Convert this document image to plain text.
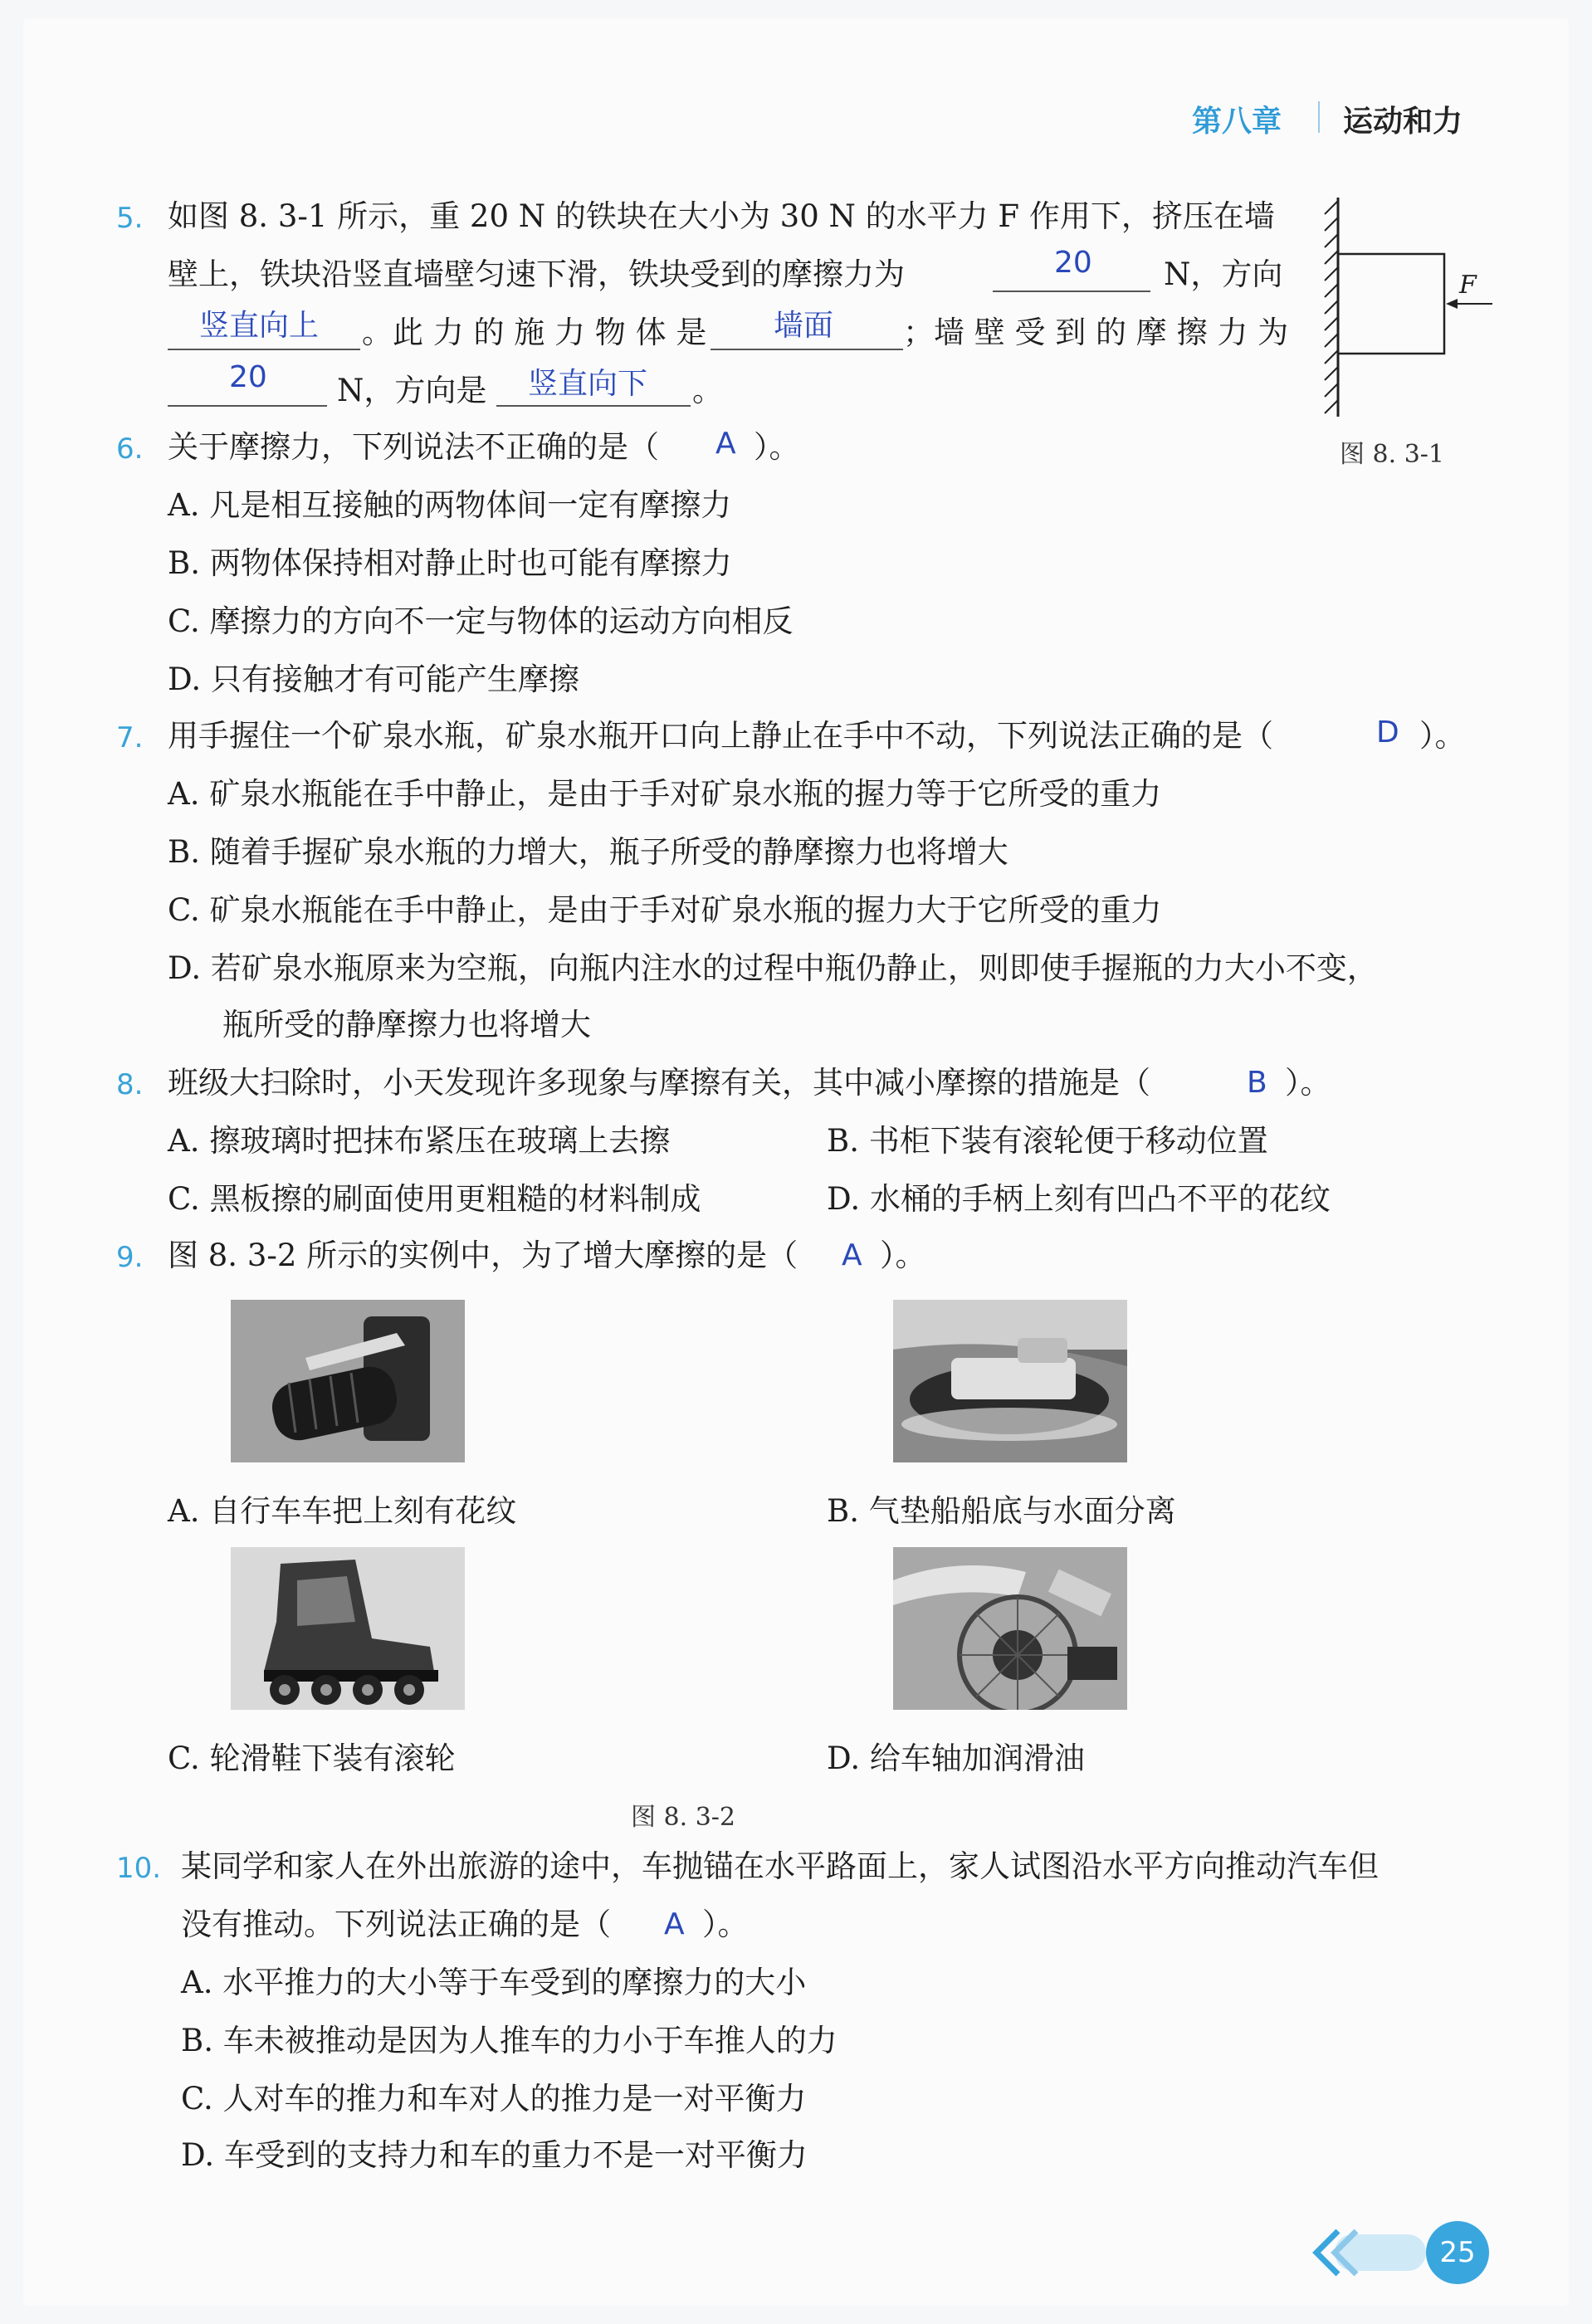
第八章 运动和力
5. 如图 8. 3-1 所示，重 20 N 的铁块在大小为 30 N 的水平力 F 作用下，挤压在墙
壁上，铁块沿竖直墙壁匀速下滑，铁块受到的摩擦力为	20 N，方向
竖直向上 。此 力 的 施 力 物 体 是 墙面 ；墙 壁 受 到 的 摩 擦 力 为
20 N，方向是 竖直向下 。
F
图 8. 3-1
6. 关于摩擦力，下列说法不正确的是（ A ）。
A. 凡是相互接触的两物体间一定有摩擦力
B. 两物体保持相对静止时也可能有摩擦力
C. 摩擦力的方向不一定与物体的运动方向相反
D. 只有接触才有可能产生摩擦
7. 用手握住一个矿泉水瓶，矿泉水瓶开口向上静止在手中不动，下列说法正确的是（	D ）。
A. 矿泉水瓶能在手中静止，是由于手对矿泉水瓶的握力等于它所受的重力
B. 随着手握矿泉水瓶的力增大，瓶子所受的静摩擦力也将增大
C. 矿泉水瓶能在手中静止，是由于手对矿泉水瓶的握力大于它所受的重力
D. 若矿泉水瓶原来为空瓶，向瓶内注水的过程中瓶仍静止，则即使手握瓶的力大小不变，
瓶所受的静摩擦力也将增大
8. 班级大扫除时，小天发现许多现象与摩擦有关，其中减小摩擦的措施是（	B ）。
A. 擦玻璃时把抹布紧压在玻璃上去擦	B. 书柜下装有滚轮便于移动位置
C. 黑板擦的刷面使用更粗糙的材料制成	D. 水桶的手柄上刻有凹凸不平的花纹
9. 图 8. 3-2 所示的实例中，为了增大摩擦的是（ A ）。
A. 自行车车把上刻有花纹	B. 气垫船船底与水面分离
C. 轮滑鞋下装有滚轮	D. 给车轴加润滑油
图 8. 3-2
10. 某同学和家人在外出旅游的途中，车抛锚在水平路面上，家人试图沿水平方向推动汽车但
没有推动。下列说法正确的是（ A ）。
A. 水平推力的大小等于车受到的摩擦力的大小
B. 车未被推动是因为人推车的力小于车推人的力
C. 人对车的推力和车对人的推力是一对平衡力
D. 车受到的支持力和车的重力不是一对平衡力
25
